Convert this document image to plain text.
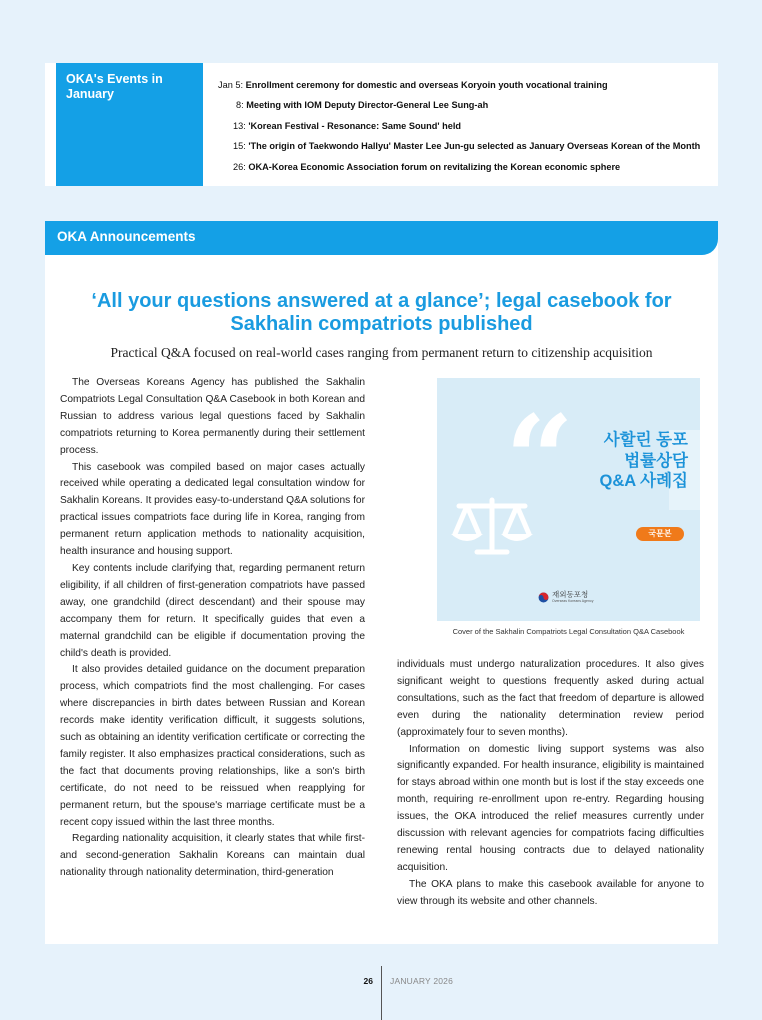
OKA's Events in January
Jan 5: Enrollment ceremony for domestic and overseas Koryoin youth vocational training
8: Meeting with IOM Deputy Director-General Lee Sung-ah
13: 'Korean Festival - Resonance: Same Sound' held
15: 'The origin of Taekwondo Hallyu' Master Lee Jun-gu selected as January Overseas Korean of the Month
26: OKA-Korea Economic Association forum on revitalizing the Korean economic sphere
OKA Announcements
‘All your questions answered at a glance’; legal casebook for
Sakhalin compatriots published
Practical Q&A focused on real-world cases ranging from permanent return to citizenship acquisition

The Overseas Koreans Agency has published the Sakhalin Compatriots Legal Consultation Q&A Casebook in both Korean and Russian to address various legal questions faced by Sakhalin compatriots returning to Korea permanently during their settlement process.

This casebook was compiled based on major cases actually received while operating a dedicated legal consultation window for Sakhalin Koreans. It provides easy-to-understand Q&A solutions for practical issues compatriots face during life in Korea, ranging from permanent return application methods to nationality acquisition, health insurance and housing support.

Key contents include clarifying that, regarding permanent return eligibility, if all children of first-generation compatriots have passed away, one grandchild (direct descendant) and their spouse may accompany them for return. It specifically guides that even a maternal grandchild can be eligible if documentation proving the child's death is provided.

It also provides detailed guidance on the document preparation process, which compatriots find the most challenging. For cases where discrepancies in birth dates between Russian and Korean records make identity verification difficult, it suggests solutions, such as obtaining an identity verification certificate or correcting the family register. It also emphasizes practical considerations, such as the fact that documents proving relationships, like a son's birth certificate, do not need to be reissued when reapplying for permanent return, but the spouse's marriage certificate must be a recent copy issued within the last three months.

Regarding nationality acquisition, it clearly states that while first- and second-generation Sakhalin Koreans can maintain dual nationality through nationality determination, third-generation

“ 사할린 동포
법률상담
Q&A 사례집
국문본
재외동포청
Overseas Koreans Agency
Cover of the Sakhalin Compatriots Legal Consultation Q&A Casebook

individuals must undergo naturalization procedures. It also gives significant weight to questions frequently asked during actual consultations, such as the fact that freedom of departure is allowed even during the nationality determination review period (approximately four to seven months).

Information on domestic living support systems was also significantly expanded. For health insurance, eligibility is maintained for stays abroad within one month but is lost if the stay exceeds one month, requiring re-enrollment upon re-entry. Regarding housing issues, the OKA introduced the relief measures currently under discussion with relevant agencies for compatriots facing difficulties renewing rental housing contracts due to delayed nationality acquisition.

The OKA plans to make this casebook available for anyone to view through its website and other channels.

26 JANUARY 2026
